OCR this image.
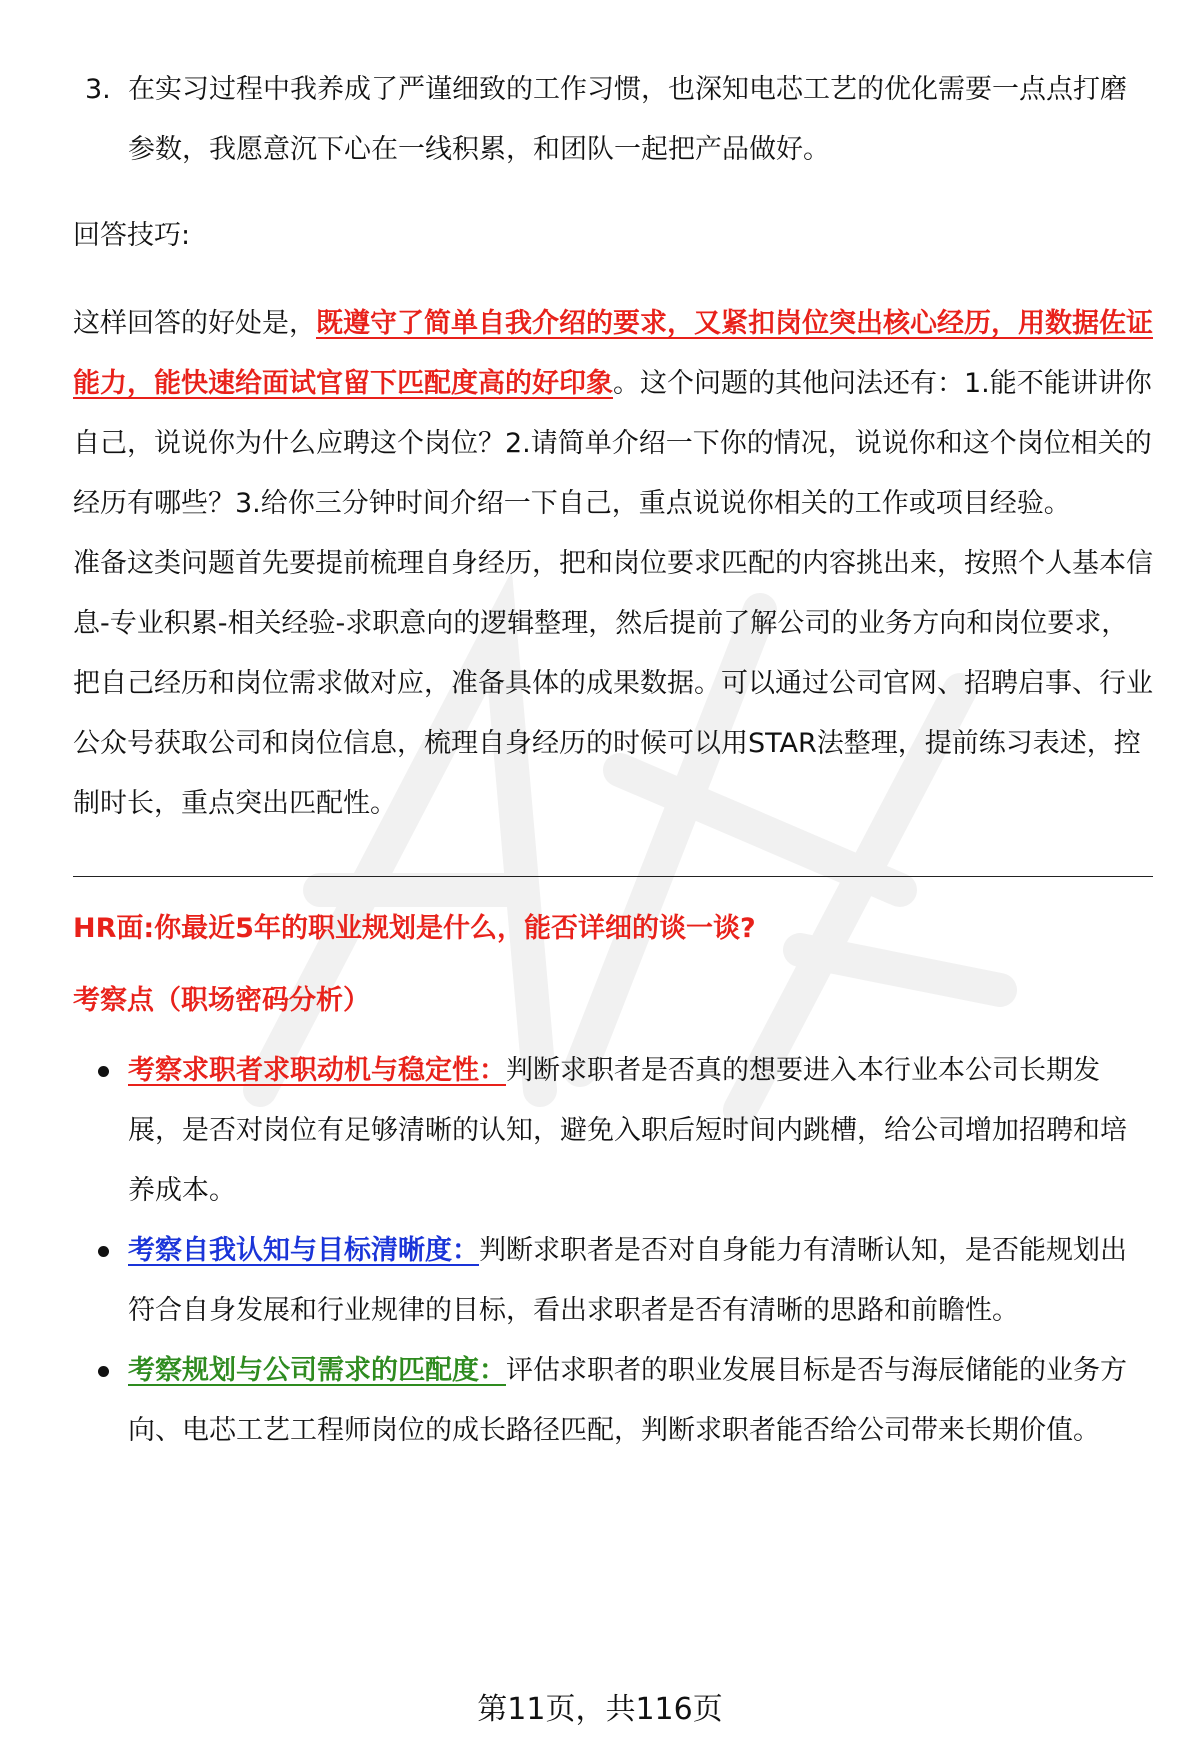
3. 在实习过程中我养成了严谨细致的工作习惯，也深知电芯工艺的优化需要一点点打磨参数，我愿意沉下心在一线积累，和团队一起把产品做好。

回答技巧:

这样回答的好处是，既遵守了简单自我介绍的要求，又紧扣岗位突出核心经历，用数据佐证能力，能快速给面试官留下匹配度高的好印象。这个问题的其他问法还有：1.能不能讲讲你自己，说说你为什么应聘这个岗位？2.请简单介绍一下你的情况，说说你和这个岗位相关的经历有哪些？3.给你三分钟时间介绍一下自己，重点说说你相关的工作或项目经验。

准备这类问题首先要提前梳理自身经历，把和岗位要求匹配的内容挑出来，按照个人基本信息-专业积累-相关经验-求职意向的逻辑整理，然后提前了解公司的业务方向和岗位要求，把自己经历和岗位需求做对应，准备具体的成果数据。可以通过公司官网、招聘启事、行业公众号获取公司和岗位信息，梳理自身经历的时候可以用STAR法整理，提前练习表述，控制时长，重点突出匹配性。

HR面:你最近5年的职业规划是什么，能否详细的谈一谈?

考察点（职场密码分析）

考察求职者求职动机与稳定性：判断求职者是否真的想要进入本行业本公司长期发展，是否对岗位有足够清晰的认知，避免入职后短时间内跳槽，给公司增加招聘和培养成本。
考察自我认知与目标清晰度：判断求职者是否对自身能力有清晰认知，是否能规划出符合自身发展和行业规律的目标，看出求职者是否有清晰的思路和前瞻性。
考察规划与公司需求的匹配度：评估求职者的职业发展目标是否与海辰储能的业务方向、电芯工艺工程师岗位的成长路径匹配，判断求职者能否给公司带来长期价值。
第11页，共116页
